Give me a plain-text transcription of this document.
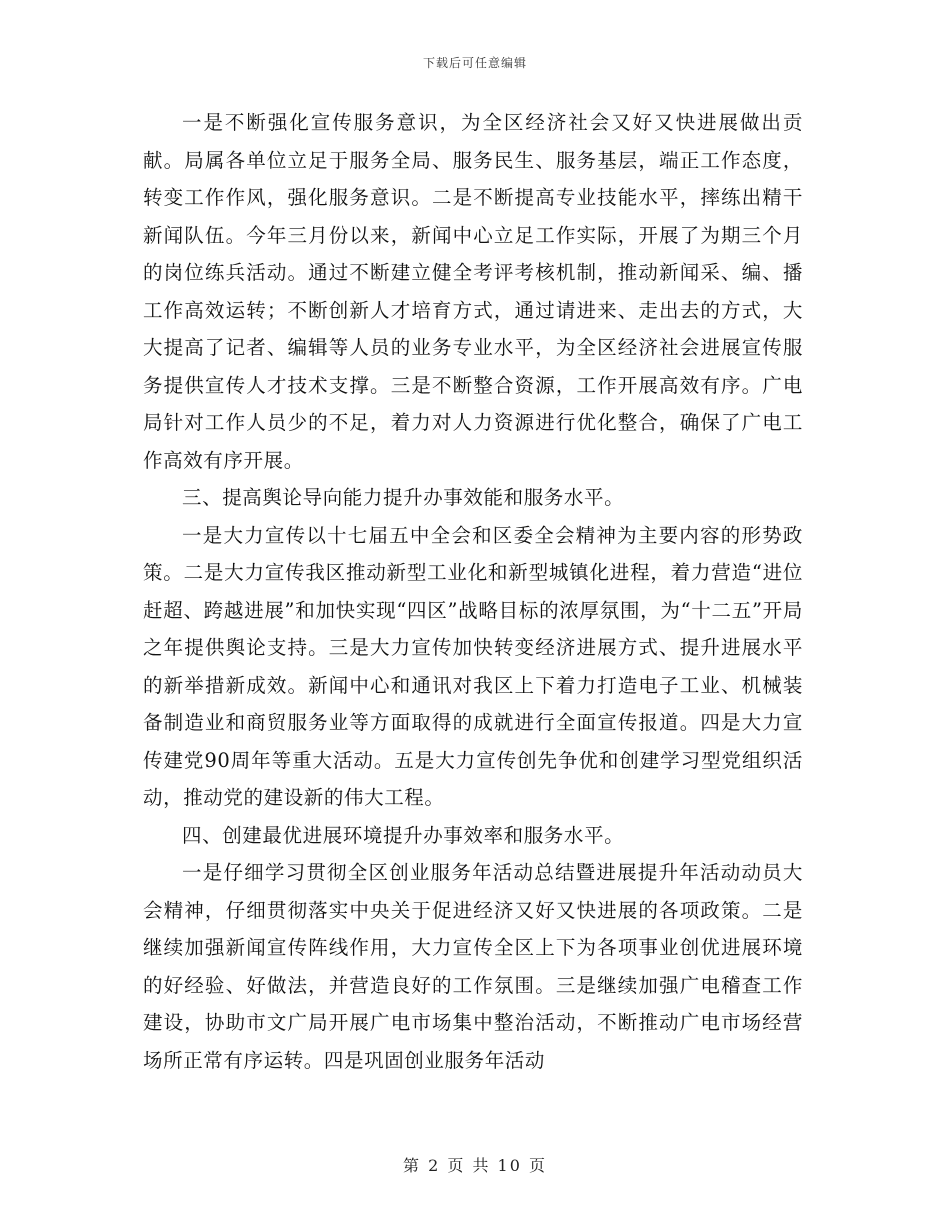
下载后可任意编辑

一是不断强化宣传服务意识，为全区经济社会又好又快进展做出贡献。局属各单位立足于服务全局、服务民生、服务基层，端正工作态度，转变工作作风，强化服务意识。二是不断提高专业技能水平，摔练出精干新闻队伍。今年三月份以来，新闻中心立足工作实际，开展了为期三个月的岗位练兵活动。通过不断建立健全考评考核机制，推动新闻采、编、播工作高效运转；不断创新人才培育方式，通过请进来、走出去的方式，大大提高了记者、编辑等人员的业务专业水平，为全区经济社会进展宣传服务提供宣传人才技术支撑。三是不断整合资源，工作开展高效有序。广电局针对工作人员少的不足，着力对人力资源进行优化整合，确保了广电工作高效有序开展。

三、提高舆论导向能力提升办事效能和服务水平。

一是大力宣传以十七届五中全会和区委全会精神为主要内容的形势政策。二是大力宣传我区推动新型工业化和新型城镇化进程，着力营造“进位赶超、跨越进展”和加快实现“四区”战略目标的浓厚氛围，为“十二五”开局之年提供舆论支持。三是大力宣传加快转变经济进展方式、提升进展水平的新举措新成效。新闻中心和通讯对我区上下着力打造电子工业、机械装备制造业和商贸服务业等方面取得的成就进行全面宣传报道。四是大力宣传建党90周年等重大活动。五是大力宣传创先争优和创建学习型党组织活动，推动党的建设新的伟大工程。

四、创建最优进展环境提升办事效率和服务水平。

一是仔细学习贯彻全区创业服务年活动总结暨进展提升年活动动员大会精神，仔细贯彻落实中央关于促进经济又好又快进展的各项政策。二是继续加强新闻宣传阵线作用，大力宣传全区上下为各项事业创优进展环境的好经验、好做法，并营造良好的工作氛围。三是继续加强广电稽查工作建设，协助市文广局开展广电市场集中整治活动，不断推动广电市场经营场所正常有序运转。四是巩固创业服务年活动

第 2 页 共 10 页
